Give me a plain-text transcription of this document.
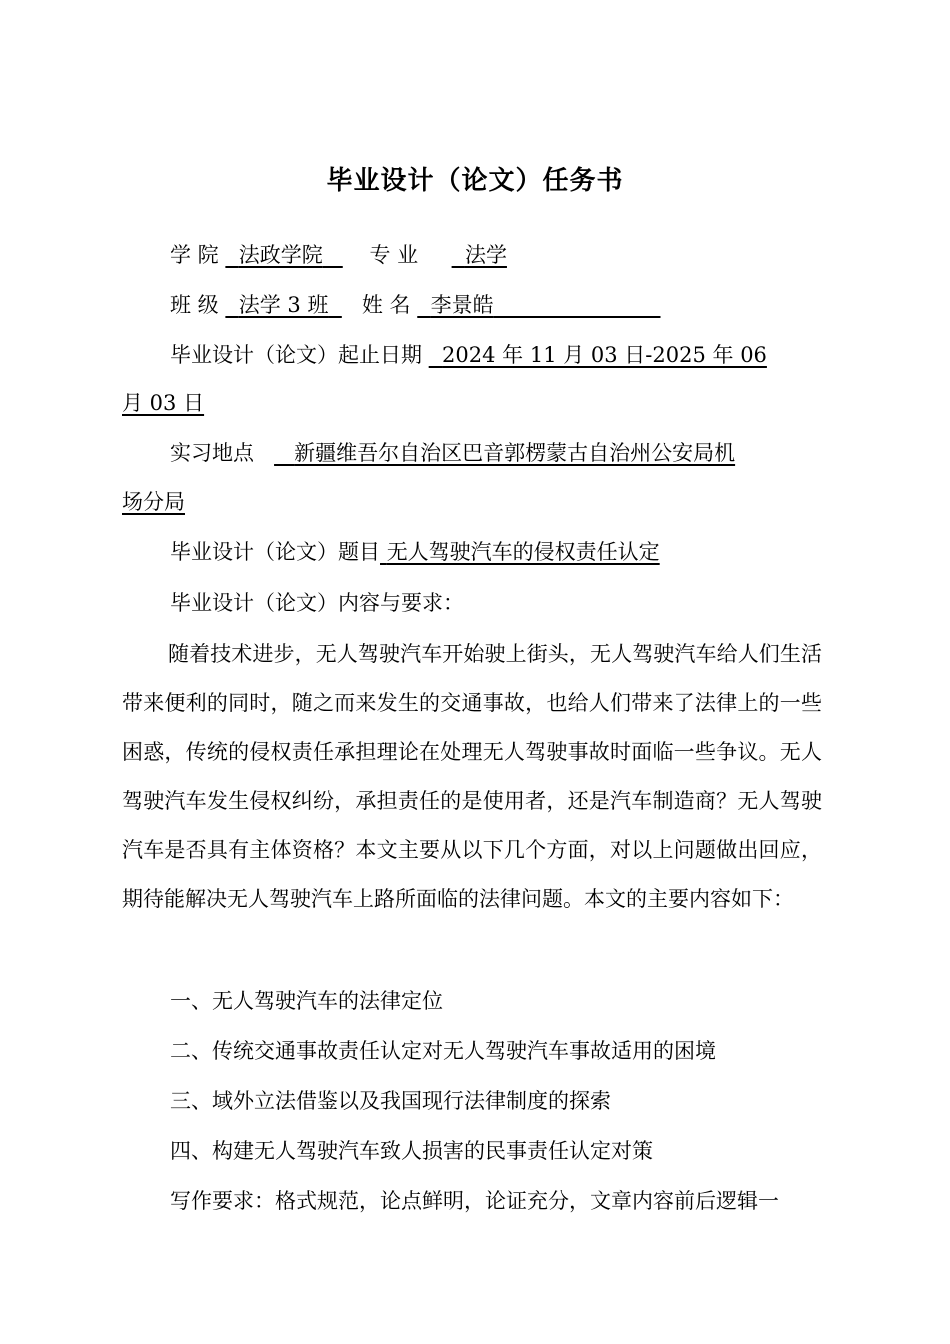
毕业设计（论文）任务书
学 院 法政学院 专 业 法学
班 级 法学 3 班 姓 名 李景皓
毕业设计（论文）起止日期 2024 年 11 月 03 日-2025 年 06
月 03 日
实习地点 新疆维吾尔自治区巴音郭楞蒙古自治州公安局机
场分局
毕业设计（论文）题目 无人驾驶汽车的侵权责任认定
毕业设计（论文）内容与要求：
随着技术进步，无人驾驶汽车开始驶上街头，无人驾驶汽车给人们生活带来便利的同时，随之而来发生的交通事故，也给人们带来了法律上的一些困惑，传统的侵权责任承担理论在处理无人驾驶事故时面临一些争议。无人驾驶汽车发生侵权纠纷，承担责任的是使用者，还是汽车制造商？无人驾驶汽车是否具有主体资格？本文主要从以下几个方面，对以上问题做出回应，期待能解决无人驾驶汽车上路所面临的法律问题。本文的主要内容如下：
一、无人驾驶汽车的法律定位
二、传统交通事故责任认定对无人驾驶汽车事故适用的困境
三、域外立法借鉴以及我国现行法律制度的探索
四、构建无人驾驶汽车致人损害的民事责任认定对策
写作要求：格式规范，论点鲜明，论证充分，文章内容前后逻辑一
